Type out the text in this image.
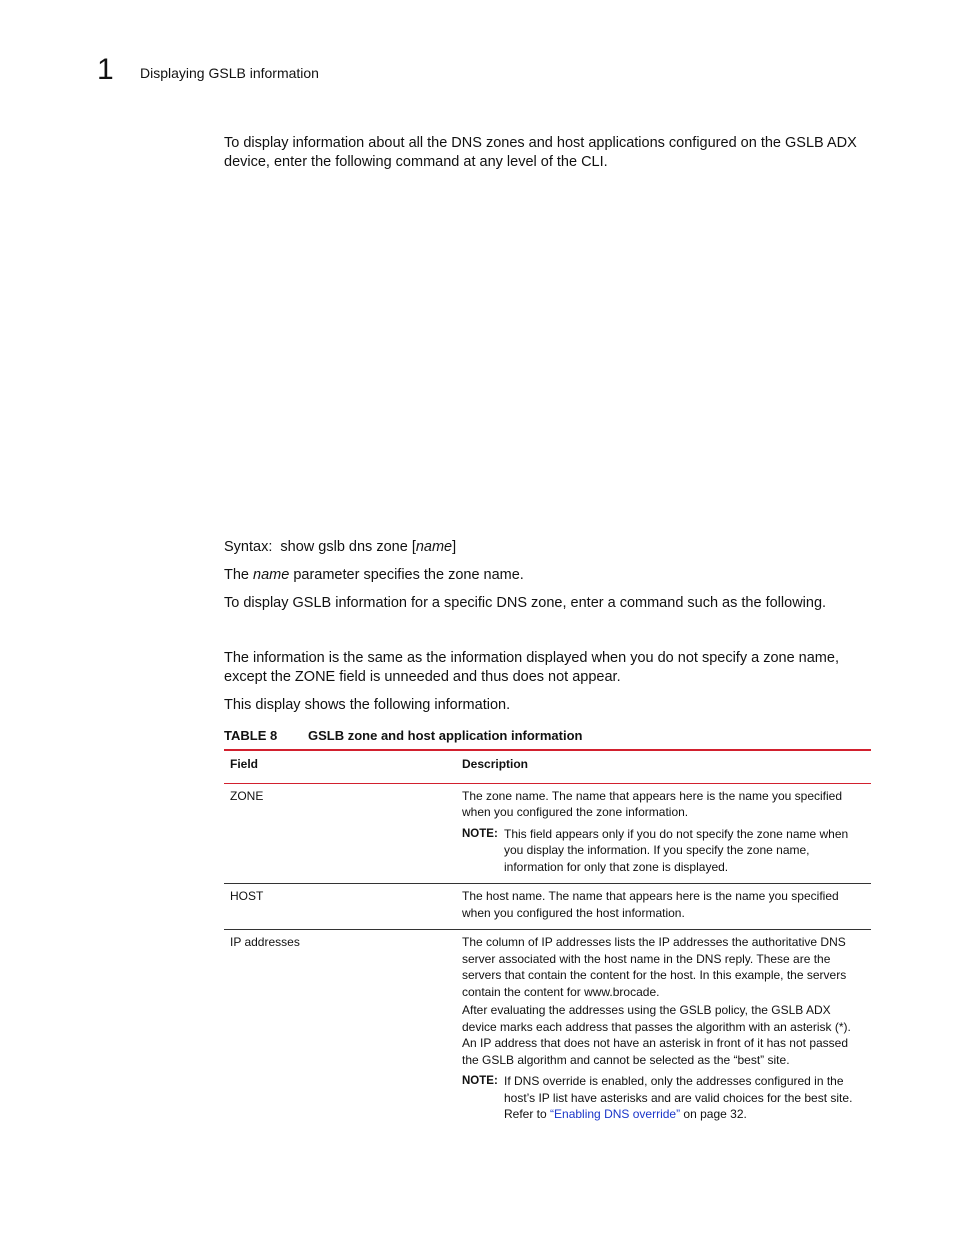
1 Displaying GSLB information
To display information about all the DNS zones and host applications configured on the GSLB ADX
device, enter the following command at any level of the CLI.
Syntax: show gslb dns zone [name]
The name parameter specifies the zone name.
To display GSLB information for a specific DNS zone, enter a command such as the following.
The information is the same as the information displayed when you do not specify a zone name,
except the ZONE field is unneeded and thus does not appear.
This display shows the following information.
TABLE 8 GSLB zone and host application information
Field	Description
ZONE	The zone name. The name that appears here is the name you specified when you configured the zone information.

NOTE: This field appears only if you do not specify the zone name when you display the information. If you specify the zone name, information for only that zone is displayed.

HOST	The host name. The name that appears here is the name you specified when you configured the host information.

IP addresses	The column of IP addresses lists the IP addresses the authoritative DNS server associated with the host name in the DNS reply. These are the servers that contain the content for the host. In this example, the servers contain the content for www.brocade.

After evaluating the addresses using the GSLB policy, the GSLB ADX device marks each address that passes the algorithm with an asterisk (*). An IP address that does not have an asterisk in front of it has not passed the GSLB algorithm and cannot be selected as the “best” site.

NOTE: If DNS override is enabled, only the addresses configured in the host’s IP list have asterisks and are valid choices for the best site. Refer to “Enabling DNS override” on page 32.
